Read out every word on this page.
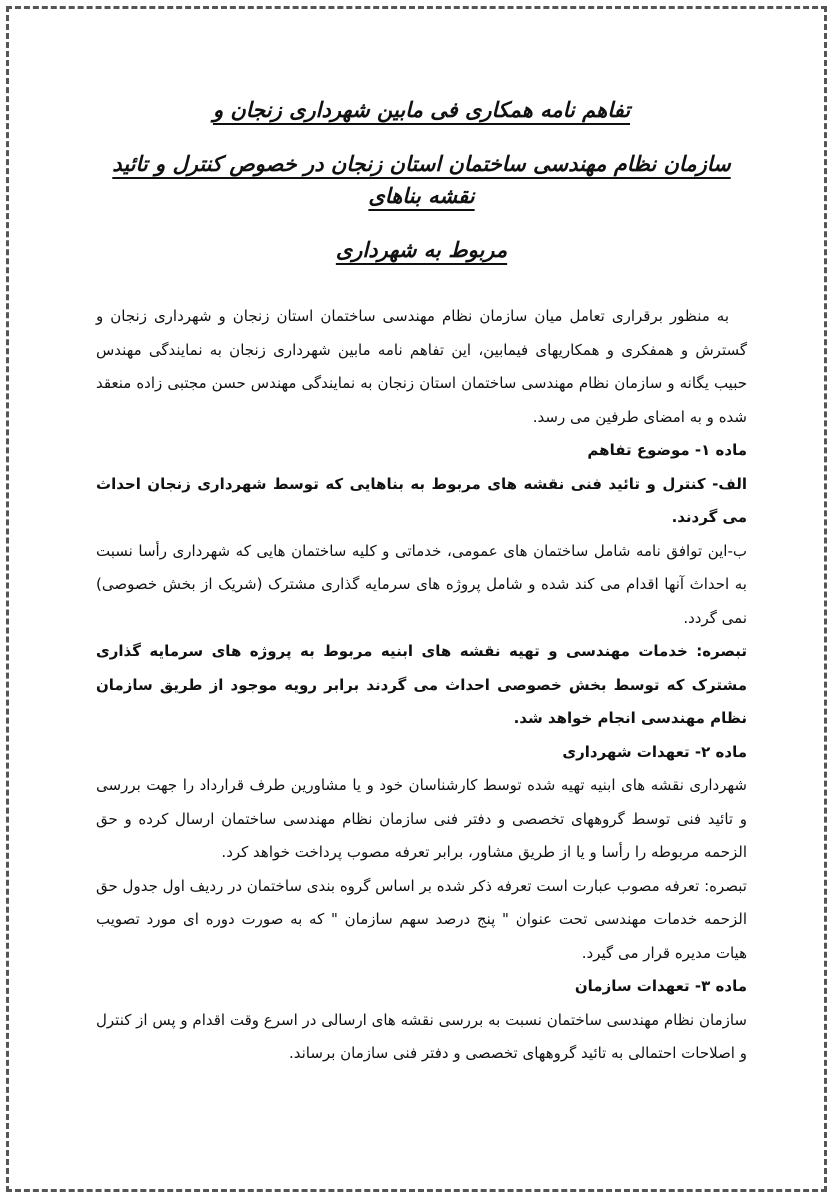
تفاهم نامه همکاری فی مابین شهرداری زنجان و
سازمان نظام مهندسی ساختمان استان زنجان در خصوص کنترل و تائید نقشه بناهای
مربوط به شهرداری

به منظور برقراری تعامل میان سازمان نظام مهندسی ساختمان استان زنجان و شهرداری زنجان و گسترش و همفکری و همکاریهای فیمابین، این تفاهم نامه مابین شهرداری زنجان به نمایندگی مهندس حبیب یگانه و سازمان نظام مهندسی ساختمان استان زنجان به نمایندگی مهندس حسن مجتبی زاده منعقد شده و به امضای طرفین می رسد.

ماده ۱- موضوع تفاهم

الف- کنترل و تائید فنی نقشه های مربوط به بناهایی که توسط شهرداری زنجان احداث می گردند.

ب-این توافق نامه شامل ساختمان های عمومی، خدماتی و کلیه ساختمان هایی که شهرداری رأسا نسبت به احداث آنها اقدام می کند شده و شامل پروژه های سرمایه گذاری مشترک (شریک از بخش خصوصی) نمی گردد.

تبصره: خدمات مهندسی و تهیه نقشه های ابنیه مربوط به پروژه های سرمایه گذاری مشترک که توسط بخش خصوصی احداث می گردند برابر رویه موجود از طریق سازمان نظام مهندسی انجام خواهد شد.

ماده ۲- تعهدات شهرداری

شهرداری نقشه های ابنیه تهیه شده توسط کارشناسان خود و یا مشاورین طرف قرارداد را جهت بررسی و تائید فنی توسط گروههای تخصصی و دفتر فنی سازمان نظام مهندسی ساختمان ارسال کرده و حق الزحمه مربوطه را رأسا و یا از طریق مشاور، برابر تعرفه مصوب پرداخت خواهد کرد.

تبصره: تعرفه مصوب عبارت است تعرفه ذکر شده بر اساس گروه بندی ساختمان در ردیف اول جدول حق الزحمه خدمات مهندسی تحت عنوان " پنج درصد سهم سازمان " که به صورت دوره ای مورد تصویب هیات مدیره قرار می گیرد.

ماده ۳- تعهدات سازمان

سازمان نظام مهندسی ساختمان نسبت به بررسی نقشه های ارسالی در اسرع وقت اقدام و پس از کنترل و اصلاحات احتمالی به تائید گروههای تخصصی و دفتر فنی سازمان برساند.
